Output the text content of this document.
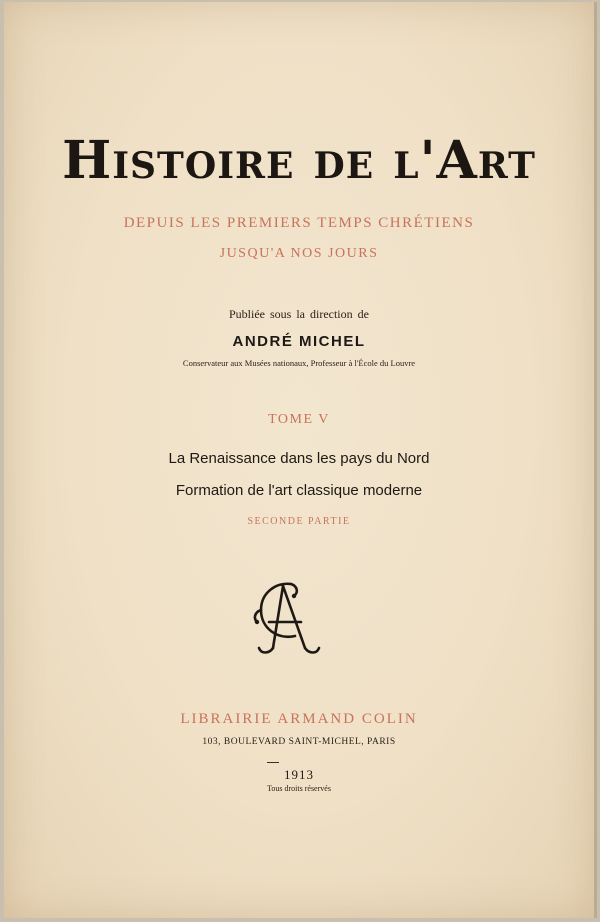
Histoire de l'Art
DEPUIS LES PREMIERS TEMPS CHRÉTIENS
JUSQU'A NOS JOURS
Publiée sous la direction de
ANDRÉ MICHEL
Conservateur aux Musées nationaux, Professeur à l'École du Louvre
TOME V
La Renaissance dans les pays du Nord
Formation de l'art classique moderne
SECONDE PARTIE
LIBRAIRIE ARMAND COLIN
103, BOULEVARD SAINT-MICHEL, PARIS
1913
Tous droits réservés
